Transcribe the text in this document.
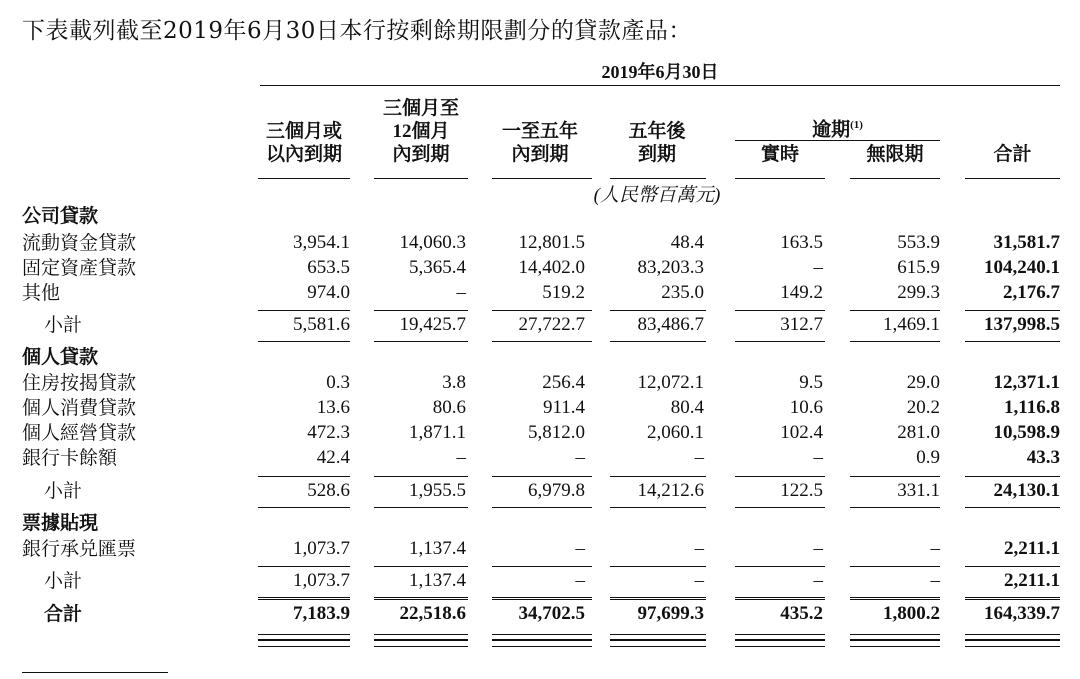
下表載列截至2019年6月30日本行按剩餘期限劃分的貸款產品：
2019年6月30日
三個月或
以內到期
三個月至
12個月
內到期
一至五年
內到期
五年後
到期
逾期$^{(1)}$
實時	無限期	合計
(人民幣百萬元)
公司貸款
流動資金貸款	3,954.1	14,060.3	12,801.5	48.4	163.5	553.9	31,581.7
固定資產貸款	653.5	5,365.4	14,402.0	83,203.3	–	615.9	104,240.1
其他	974.0	–	519.2	235.0	149.2	299.3	2,176.7
小計	5,581.6	19,425.7	27,722.7	83,486.7	312.7	1,469.1	137,998.5
個人貸款
住房按揭貸款	0.3	3.8	256.4	12,072.1	9.5	29.0	12,371.1
個人消費貸款	13.6	80.6	911.4	80.4	10.6	20.2	1,116.8
個人經營貸款	472.3	1,871.1	5,812.0	2,060.1	102.4	281.0	10,598.9
銀行卡餘額	42.4	–	–	–	–	0.9	43.3
小計	528.6	1,955.5	6,979.8	14,212.6	122.5	331.1	24,130.1
票據貼現
銀行承兑匯票	1,073.7	1,137.4	–	–	–	–	2,211.1
小計	1,073.7	1,137.4	–	–	–	–	2,211.1
合計	7,183.9	22,518.6	34,702.5	97,699.3	435.2	1,800.2	164,339.7
